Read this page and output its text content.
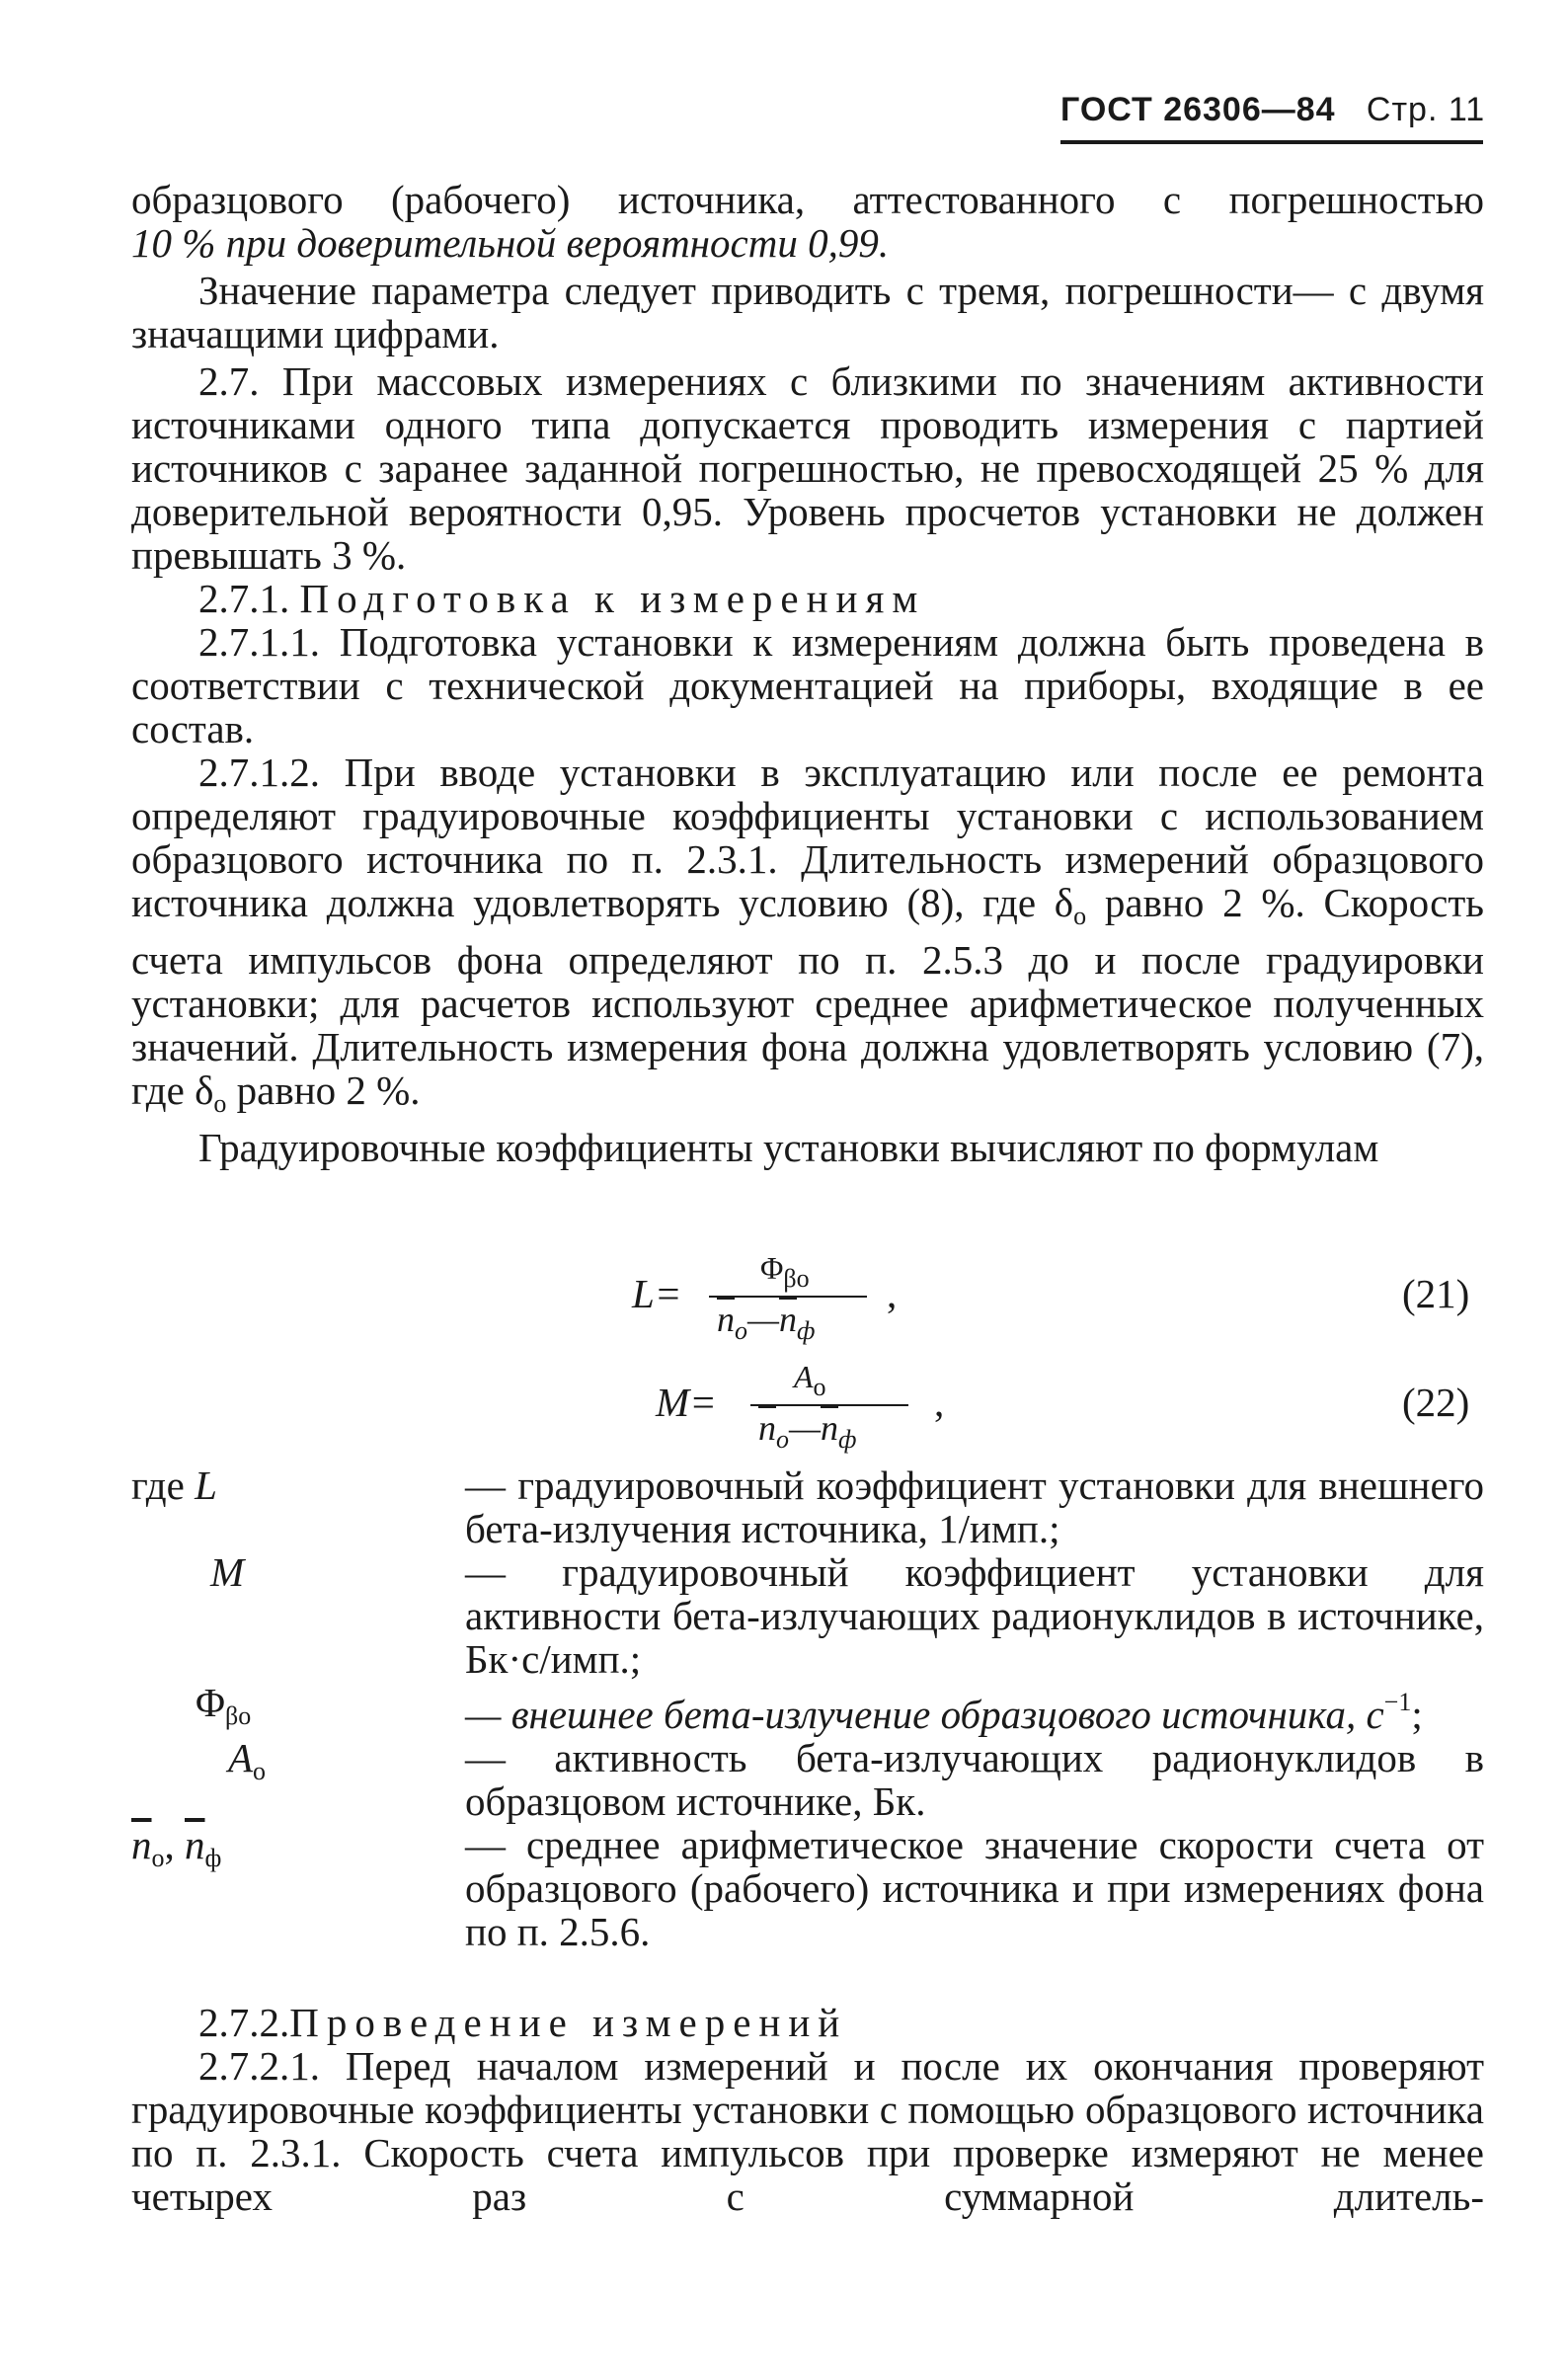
ГОСТ 26306—84 Стр. 11

образцового (рабочего) источника, аттестованного с погрешностью

10 % при доверительной вероятности 0,99.

Значение параметра следует приводить с тремя, погрешности— с двумя значащими цифрами.

2.7. При массовых измерениях с близкими по значениям активности источниками одного типа допускается проводить измерения с партией источников с заранее заданной погрешностью, не превосходящей 25 % для доверительной вероятности 0,95. Уровень просчетов установки не должен превышать 3 %.

2.7.1. Подготовка к измерениям

2.7.1.1. Подготовка установки к измерениям должна быть проведена в соответствии с технической документацией на приборы, входящие в ее состав.

2.7.1.2. При вводе установки в эксплуатацию или после ее ремонта определяют градуировочные коэффициенты установки с использованием образцового источника по п. 2.3.1. Длительность измерений образцового источника должна удовлетворять условию (8), где $\delta_о$ равно 2 %. Скорость счета импульсов фона определяют по п. 2.5.3 до и после градуировки установки; для расчетов используют среднее арифметическое полученных значений. Длительность измерения фона должна удовлетворять условию (7), где $\delta_о$ равно 2 %.

Градуировочные коэффициенты установки вычисляют по формулам

L=
$\Phi_{\beta o}$
$\overline{n}_о—\overline{n}_ф$
,	(21)
M=
$A_о$
$\overline{n}_о—\overline{n}_ф$
,	(22)
где L	— градуировочный коэффициент установки для внешнего бета-излучения источника, 1/имп.;
M	— градуировочный коэффициент установки для активности бета-излучающих радионуклидов в источнике, Бк·с/имп.;
$\Phi_{\beta о}$	— внешнее бета-излучение образцового источника, $с^{-1}$;
$A_о$	— активность бета-излучающих радионуклидов в образцовом источнике, Бк.
$\overline{n}_о$, $\overline{n}_ф$	— среднее арифметическое значение скорости счета от образцового (рабочего) источника и при измерениях фона по п. 2.5.6.

2.7.2.Проведение измерений

2.7.2.1. Перед началом измерений и после их окончания проверяют градуировочные коэффициенты установки с помощью образцового источника по п. 2.3.1. Скорость счета импульсов при проверке измеряют не менее четырех раз с суммарной длитель-
